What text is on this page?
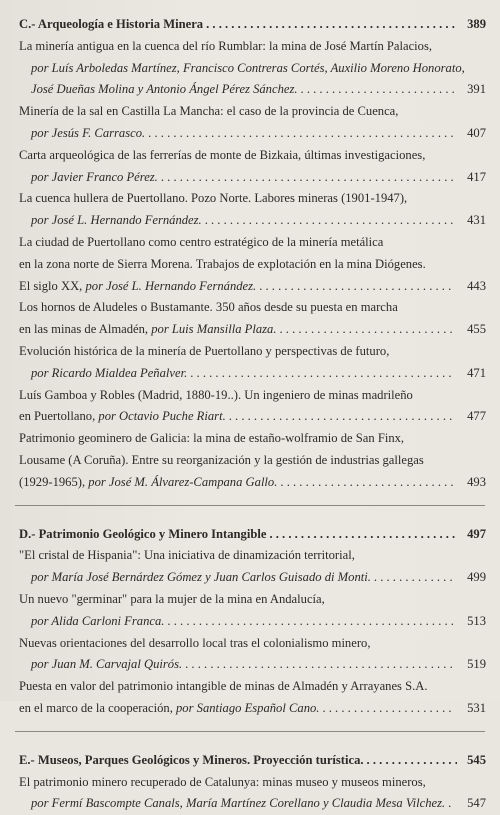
C.- Arqueología e Historia Minera . . .	389
La minería antigua en la cuenca del río Rumblar: la mina de José Martín Palacios,
por Luís Arboledas Martínez, Francisco Contreras Cortés, Auxilio Moreno Honorato,
José Dueñas Molina y Antonio Ángel Pérez Sánchez. . . .	391
Minería de la sal en Castilla La Mancha: el caso de la provincia de Cuenca,
por Jesús F. Carrasco. . . .	407
Carta arqueológica de las ferrerías de monte de Bizkaia, últimas investigaciones,
por Javier Franco Pérez. . . .	417
La cuenca hullera de Puertollano. Pozo Norte. Labores mineras (1901-1947),
por José L. Hernando Fernández. . . .	431
La ciudad de Puertollano como centro estratégico de la minería metálica
en la zona norte de Sierra Morena. Trabajos de explotación en la mina Diógenes.
El siglo XX,
por José L. Hernando Fernández. . . .	443
Los hornos de Aludeles o Bustamante. 350 años desde su puesta en marcha
en las minas de Almadén,
por Luis Mansilla Plaza. . . .	455
Evolución histórica de la minería de Puertollano y perspectivas de futuro,
por Ricardo Mialdea Peñalver. . . .	471
Luís Gamboa y Robles (Madrid, 1880-19..). Un ingeniero de minas madrileño
en Puertollano,
por Octavio Puche Riart. . . .	477
Patrimonio geominero de Galicia: la mina de estaño-wolframio de San Finx,
Lousame (A Coruña). Entre su reorganización y la gestión de industrias gallegas
(1929-1965),
por José M. Álvarez-Campana Gallo. . . .	493
D.- Patrimonio Geológico y Minero Intangible . . .	497
"El cristal de Hispania": Una iniciativa de dinamización territorial,
por María José Bernárdez Gómez y Juan Carlos Guisado di Monti. . . .	499
Un nuevo "germinar" para la mujer de la mina en Andalucía,
por Alida Carloni Franca. . . .	513
Nuevas orientaciones del desarrollo local tras el colonialismo minero,
por Juan M. Carvajal Quirós. . . .	519
Puesta en valor del patrimonio intangible de minas de Almadén y Arrayanes S.A.
en el marco de la cooperación,
por Santiago Español Cano. . . .	531
E.- Museos, Parques Geológicos y Mineros. Proyección turística. . . .	545
El patrimonio minero recuperado de Catalunya: minas museo y museos mineros,
por Fermí Bascompte Canals, María Martínez Corellano y Claudia Mesa Vilchez. . . .	547
